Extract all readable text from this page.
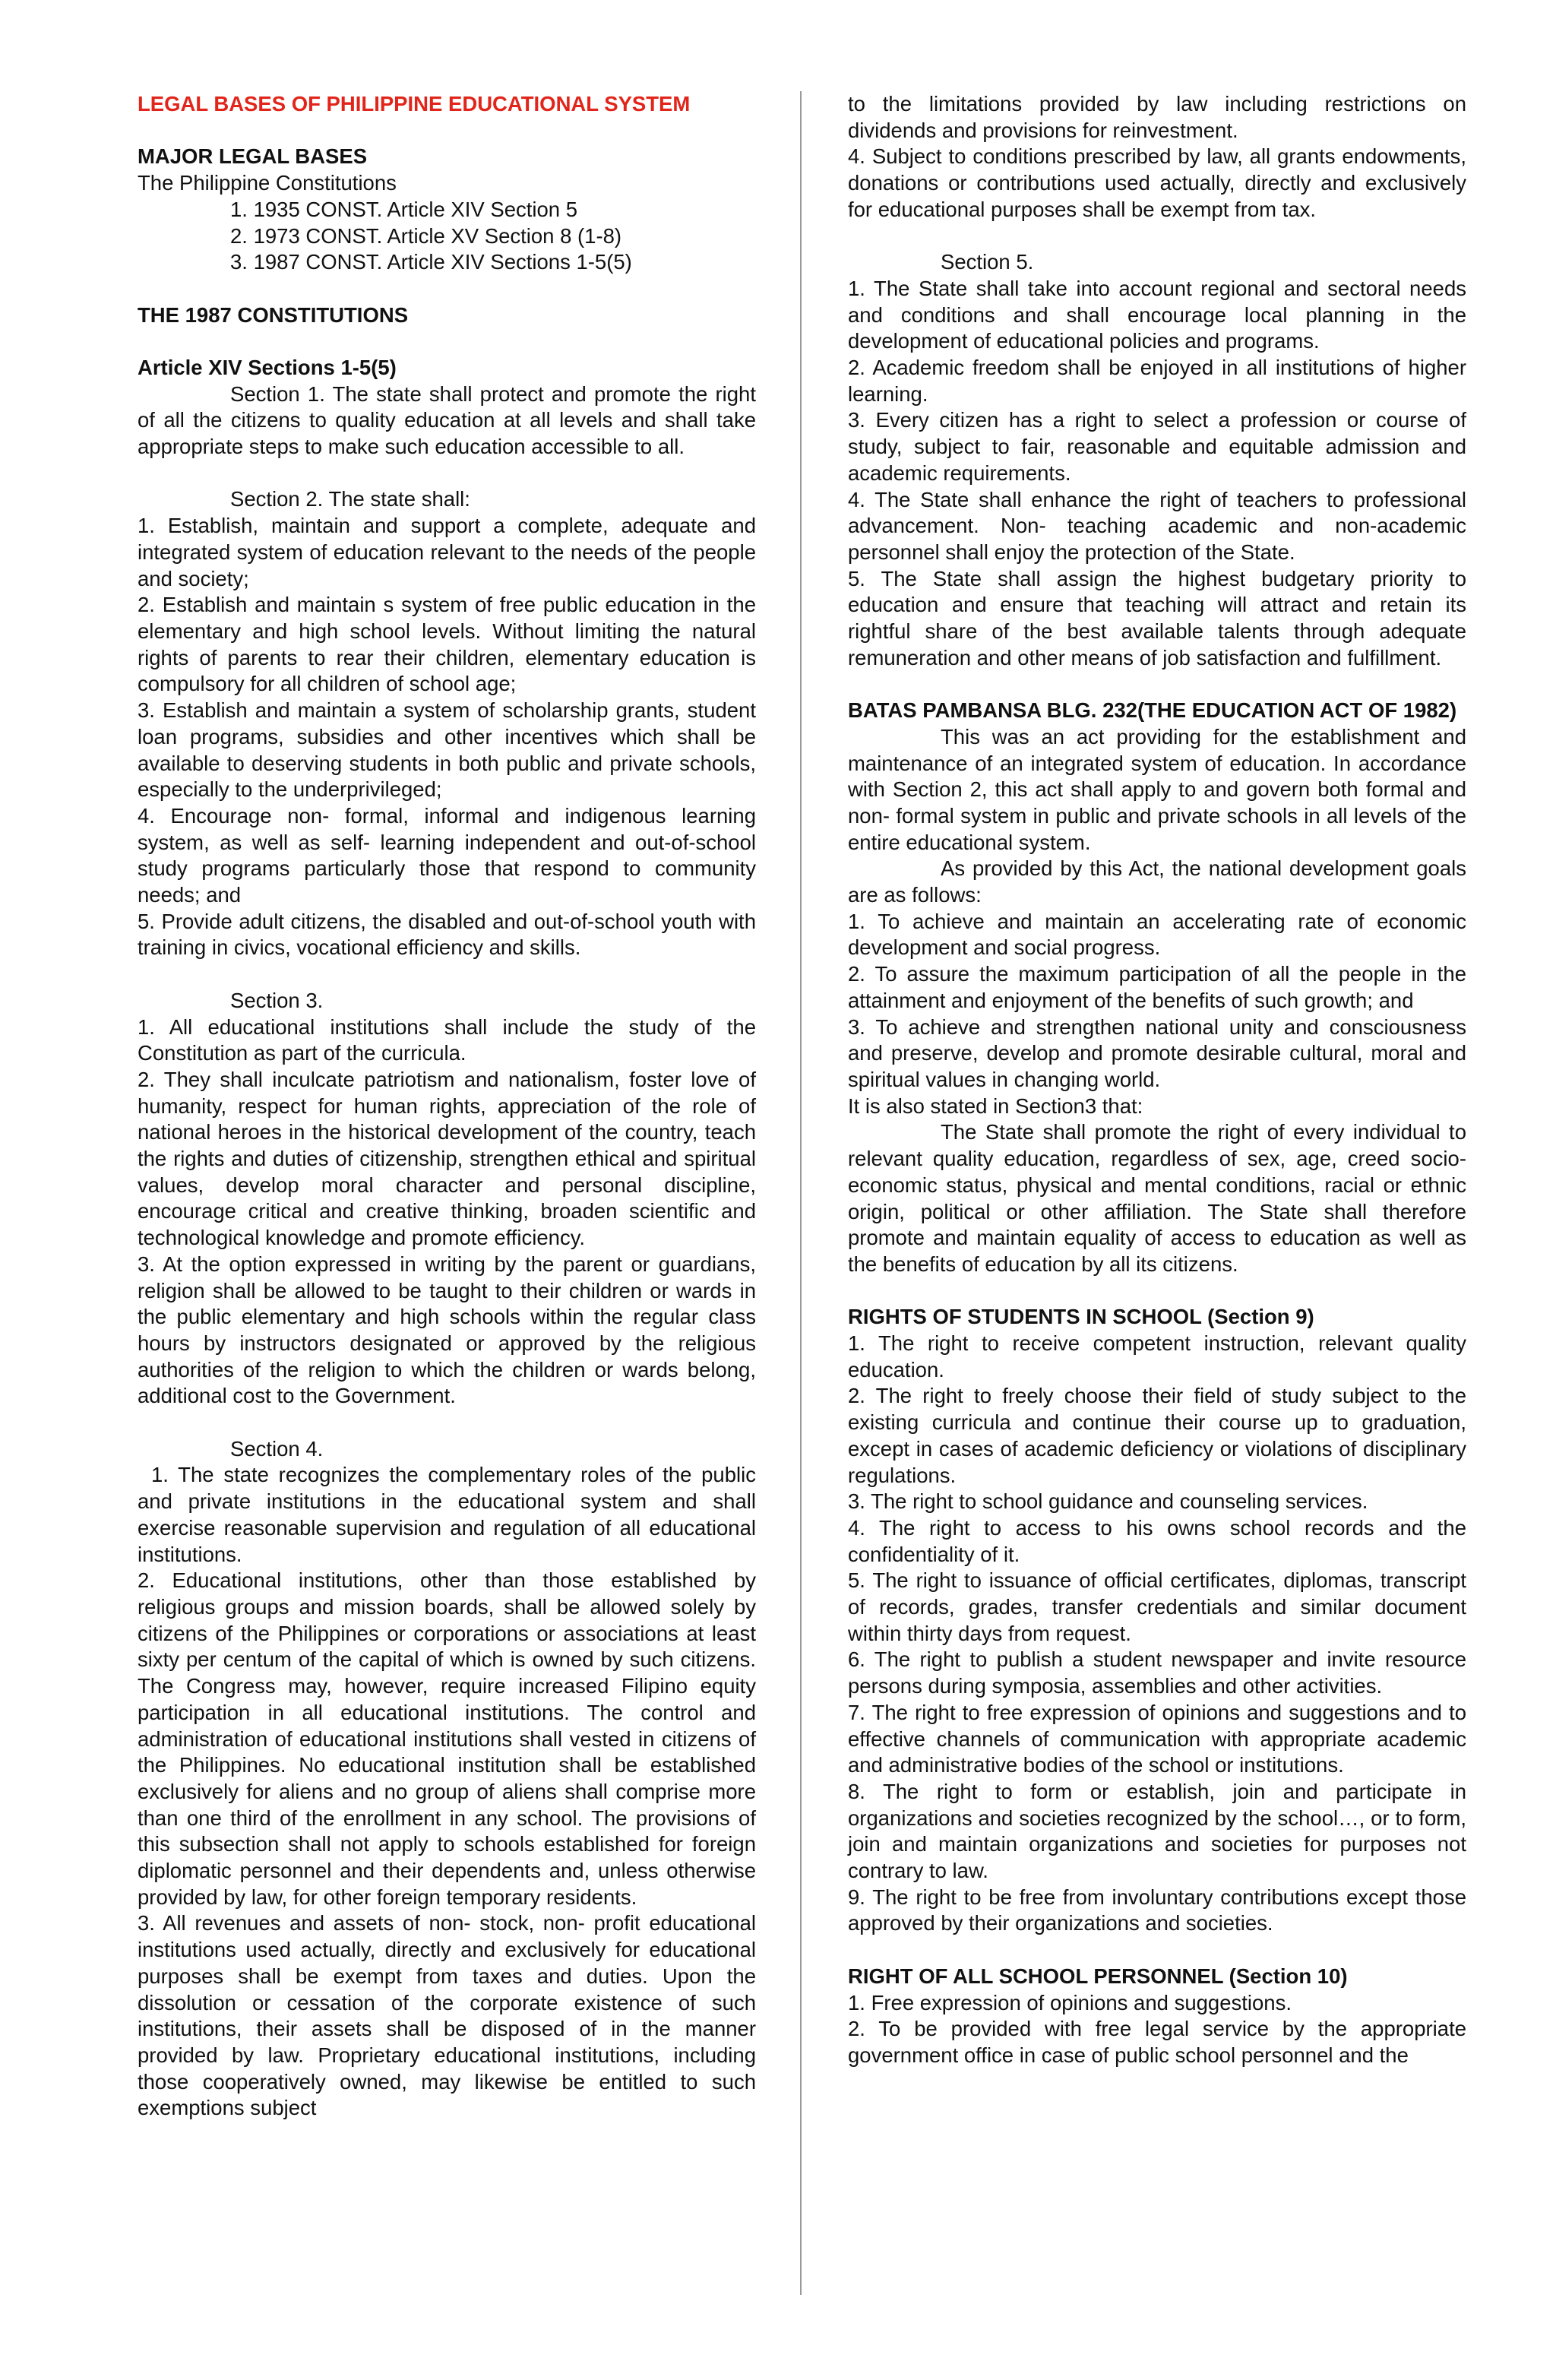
LEGAL BASES OF PHILIPPINE EDUCATIONAL SYSTEM

MAJOR LEGAL BASES

The Philippine Constitutions

1. 1935 CONST. Article XIV Section 5

2. 1973 CONST. Article XV Section 8 (1-8)

3. 1987 CONST. Article XIV Sections 1-5(5)

THE 1987 CONSTITUTIONS

Article XIV Sections 1-5(5)

Section 1. The state shall protect and promote the right of all the citizens to quality education at all levels and shall take appropriate steps to make such education accessible to all.

Section 2. The state shall:

1. Establish, maintain and support a complete, adequate and integrated system of education relevant to the needs of the people and society;

2. Establish and maintain s system of free public education in the elementary and high school levels. Without limiting the natural rights of parents to rear their children, elementary education is compulsory for all children of school age;

3. Establish and maintain a system of scholarship grants, student loan programs, subsidies and other incentives which shall be available to deserving students in both public and private schools, especially to the underprivileged;

4. Encourage non- formal, informal and indigenous learning system, as well as self- learning independent and out-of-school study programs particularly those that respond to community needs; and

5. Provide adult citizens, the disabled and out-of-school youth with training in civics, vocational efficiency and skills.

Section 3.

1. All educational institutions shall include the study of the Constitution as part of the curricula.

2. They shall inculcate patriotism and nationalism, foster love of humanity, respect for human rights, appreciation of the role of national heroes in the historical development of the country, teach the rights and duties of citizenship, strengthen ethical and spiritual values, develop moral character and personal discipline, encourage critical and creative thinking, broaden scientific and technological knowledge and promote efficiency.

3. At the option expressed in writing by the parent or guardians, religion shall be allowed to be taught to their children or wards in the public elementary and high schools within the regular class hours by instructors designated or approved by the religious authorities of the religion to which the children or wards belong, additional cost to the Government.

Section 4.

1. The state recognizes the complementary roles of the public and private institutions in the educational system and shall exercise reasonable supervision and regulation of all educational institutions.

2. Educational institutions, other than those established by religious groups and mission boards, shall be allowed solely by citizens of the Philippines or corporations or associations at least sixty per centum of the capital of which is owned by such citizens. The Congress may, however, require increased Filipino equity participation in all educational institutions. The control and administration of educational institutions shall vested in citizens of the Philippines. No educational institution shall be established exclusively for aliens and no group of aliens shall comprise more than one third of the enrollment in any school. The provisions of this subsection shall not apply to schools established for foreign diplomatic personnel and their dependents and, unless otherwise provided by law, for other foreign temporary residents.

3. All revenues and assets of non- stock, non- profit educational institutions used actually, directly and exclusively for educational purposes shall be exempt from taxes and duties. Upon the dissolution or cessation of the corporate existence of such institutions, their assets shall be disposed of in the manner provided by law. Proprietary educational institutions, including those cooperatively owned, may likewise be entitled to such exemptions subject

to the limitations provided by law including restrictions on dividends and provisions for reinvestment.

4. Subject to conditions prescribed by law, all grants endowments, donations or contributions used actually, directly and exclusively for educational purposes shall be exempt from tax.

Section 5.

1. The State shall take into account regional and sectoral needs and conditions and shall encourage local planning in the development of educational policies and programs.

2. Academic freedom shall be enjoyed in all institutions of higher learning.

3. Every citizen has a right to select a profession or course of study, subject to fair, reasonable and equitable admission and academic requirements.

4. The State shall enhance the right of teachers to professional advancement. Non- teaching academic and non-academic personnel shall enjoy the protection of the State.

5. The State shall assign the highest budgetary priority to education and ensure that teaching will attract and retain its rightful share of the best available talents through adequate remuneration and other means of job satisfaction and fulfillment.

BATAS PAMBANSA BLG. 232(THE EDUCATION ACT OF 1982)

This was an act providing for the establishment and maintenance of an integrated system of education. In accordance with Section 2, this act shall apply to and govern both formal and non- formal system in public and private schools in all levels of the entire educational system.

As provided by this Act, the national development goals are as follows:

1. To achieve and maintain an accelerating rate of economic development and social progress.

2. To assure the maximum participation of all the people in the attainment and enjoyment of the benefits of such growth; and

3. To achieve and strengthen national unity and consciousness and preserve, develop and promote desirable cultural, moral and spiritual values in changing world.

It is also stated in Section3 that:

The State shall promote the right of every individual to relevant quality education, regardless of sex, age, creed socio- economic status, physical and mental conditions, racial or ethnic origin, political or other affiliation. The State shall therefore promote and maintain equality of access to education as well as the benefits of education by all its citizens.

RIGHTS OF STUDENTS IN SCHOOL (Section 9)

1. The right to receive competent instruction, relevant quality education.

2. The right to freely choose their field of study subject to the existing curricula and continue their course up to graduation, except in cases of academic deficiency or violations of disciplinary regulations.

3. The right to school guidance and counseling services.

4. The right to access to his owns school records and the confidentiality of it.

5. The right to issuance of official certificates, diplomas, transcript of records, grades, transfer credentials and similar document within thirty days from request.

6. The right to publish a student newspaper and invite resource persons during symposia, assemblies and other activities.

7. The right to free expression of opinions and suggestions and to effective channels of communication with appropriate academic and administrative bodies of the school or institutions.

8. The right to form or establish, join and participate in organizations and societies recognized by the school…, or to form, join and maintain organizations and societies for purposes not contrary to law.

9. The right to be free from involuntary contributions except those approved by their organizations and societies.

RIGHT OF ALL SCHOOL PERSONNEL (Section 10)

1. Free expression of opinions and suggestions.

2. To be provided with free legal service by the appropriate government office in case of public school personnel and the
